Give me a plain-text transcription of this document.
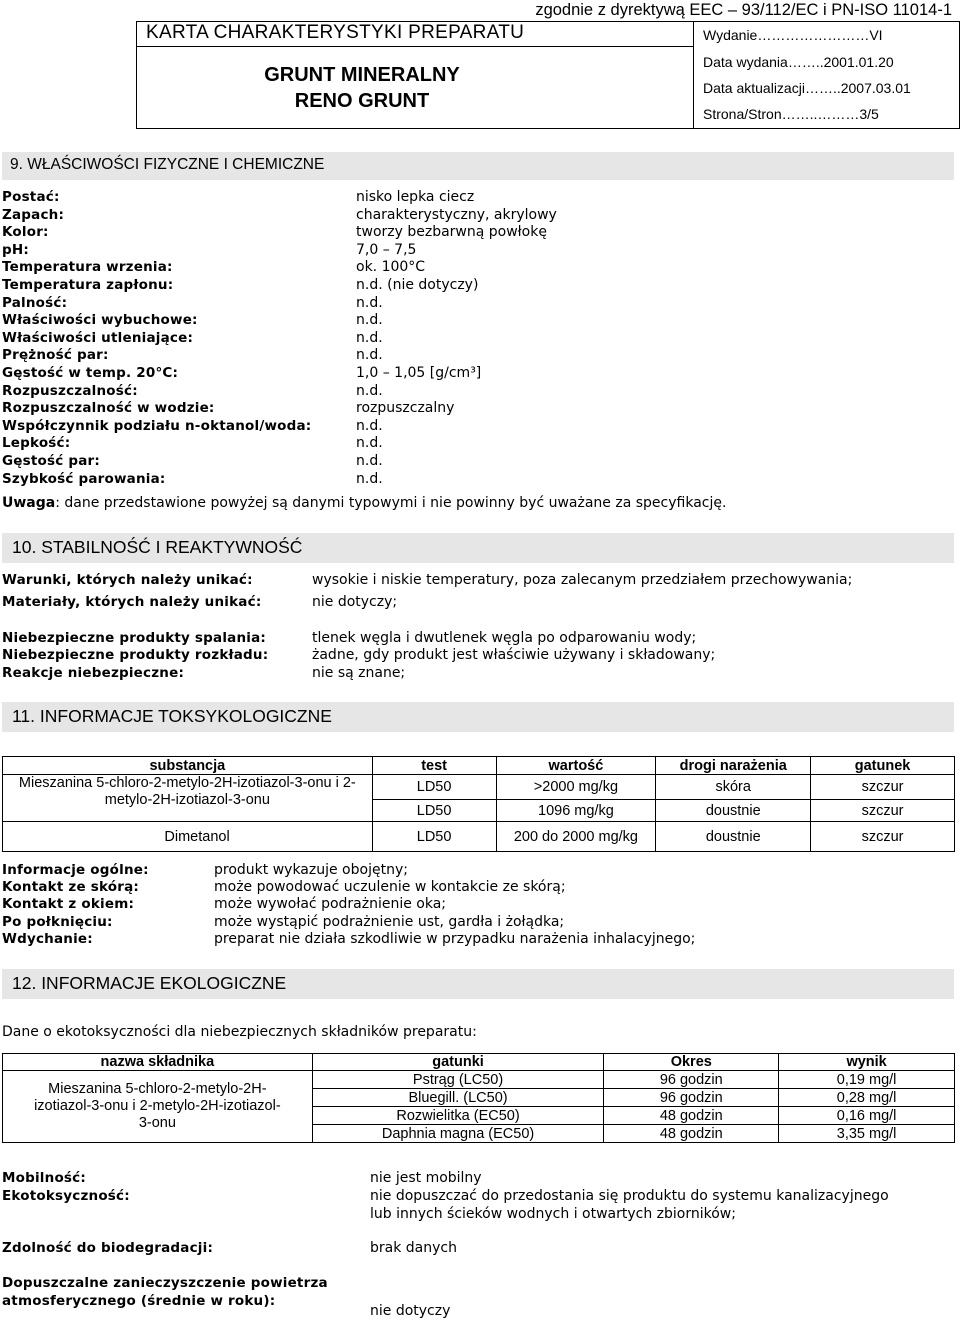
zgodnie z dyrektywą EEC – 93/112/EC i PN-ISO 11014-1
KARTA CHARAKTERYSTYKI PREPARATU
GRUNT MINERALNY
RENO GRUNT
Wydanie……………………VI
Data wydania……..2001.01.20
Data aktualizacji……..2007.03.01
Strona/Stron……..………3/5
9. WŁAŚCIWOŚCI FIZYCZNE I CHEMICZNE
Postać:	nisko lepka ciecz
Zapach:	charakterystyczny, akrylowy
Kolor:	tworzy bezbarwną powłokę
pH:	7,0 – 7,5
Temperatura wrzenia:	ok. 100°C
Temperatura zapłonu:	n.d. (nie dotyczy)
Palność:	n.d.
Właściwości wybuchowe:	n.d.
Właściwości utleniające:	n.d.
Prężność par:	n.d.
Gęstość w temp. 20°C:	1,0 – 1,05 [g/cm³]
Rozpuszczalność:	n.d.
Rozpuszczalność w wodzie:	rozpuszczalny
Współczynnik podziału n-oktanol/woda:	n.d.
Lepkość:	n.d.
Gęstość par:	n.d.
Szybkość parowania:	n.d.
Uwaga: dane przedstawione powyżej są danymi typowymi i nie powinny być uważane za specyfikację.
10. STABILNOŚĆ I REAKTYWNOŚĆ
Warunki, których należy unikać:	wysokie i niskie temperatury, poza zalecanym przedziałem przechowywania;
Materiały, których należy unikać:	nie dotyczy;
Niebezpieczne produkty spalania:	tlenek węgla i dwutlenek węgla po odparowaniu wody;
Niebezpieczne produkty rozkładu:	żadne, gdy produkt jest właściwie używany i składowany;
Reakcje niebezpieczne:	nie są znane;
11. INFORMACJE TOKSYKOLOGICZNE
substancja	test	wartość	drogi narażenia	gatunek
Mieszanina 5-chloro-2-metylo-2H-izotiazol-3-onu i 2-metylo-2H-izotiazol-3-onu	LD50	>2000 mg/kg	skóra	szczur
	LD50	1096 mg/kg	doustnie	szczur
Dimetanol	LD50	200 do 2000 mg/kg	doustnie	szczur
Informacje ogólne:	produkt wykazuje obojętny;
Kontakt ze skórą:	może powodować uczulenie w kontakcie ze skórą;
Kontakt z okiem:	może wywołać podrażnienie oka;
Po połknięciu:	może wystąpić podrażnienie ust, gardła i żołądka;
Wdychanie:	preparat nie działa szkodliwie w przypadku narażenia inhalacyjnego;
12. INFORMACJE EKOLOGICZNE
Dane o ekotoksyczności dla niebezpiecznych składników preparatu:
nazwa składnika	gatunki	Okres	wynik
Mieszanina 5-chloro-2-metylo-2H-izotiazol-3-onu i 2-metylo-2H-izotiazol-3-onu	Pstrąg (LC50)	96 godzin	0,19 mg/l
	Bluegill. (LC50)	96 godzin	0,28 mg/l
	Rozwielitka (EC50)	48 godzin	0,16 mg/l
	Daphnia magna (EC50)	48 godzin	3,35 mg/l
Mobilność:	nie jest mobilny
Ekotoksyczność:	nie dopuszczać do przedostania się produktu do systemu kanalizacyjnego
lub innych ścieków wodnych i otwartych zbiorników;
Zdolność do biodegradacji:	brak danych
Dopuszczalne zanieczyszczenie powietrza
atmosferycznego (średnie w roku):
nie dotyczy
